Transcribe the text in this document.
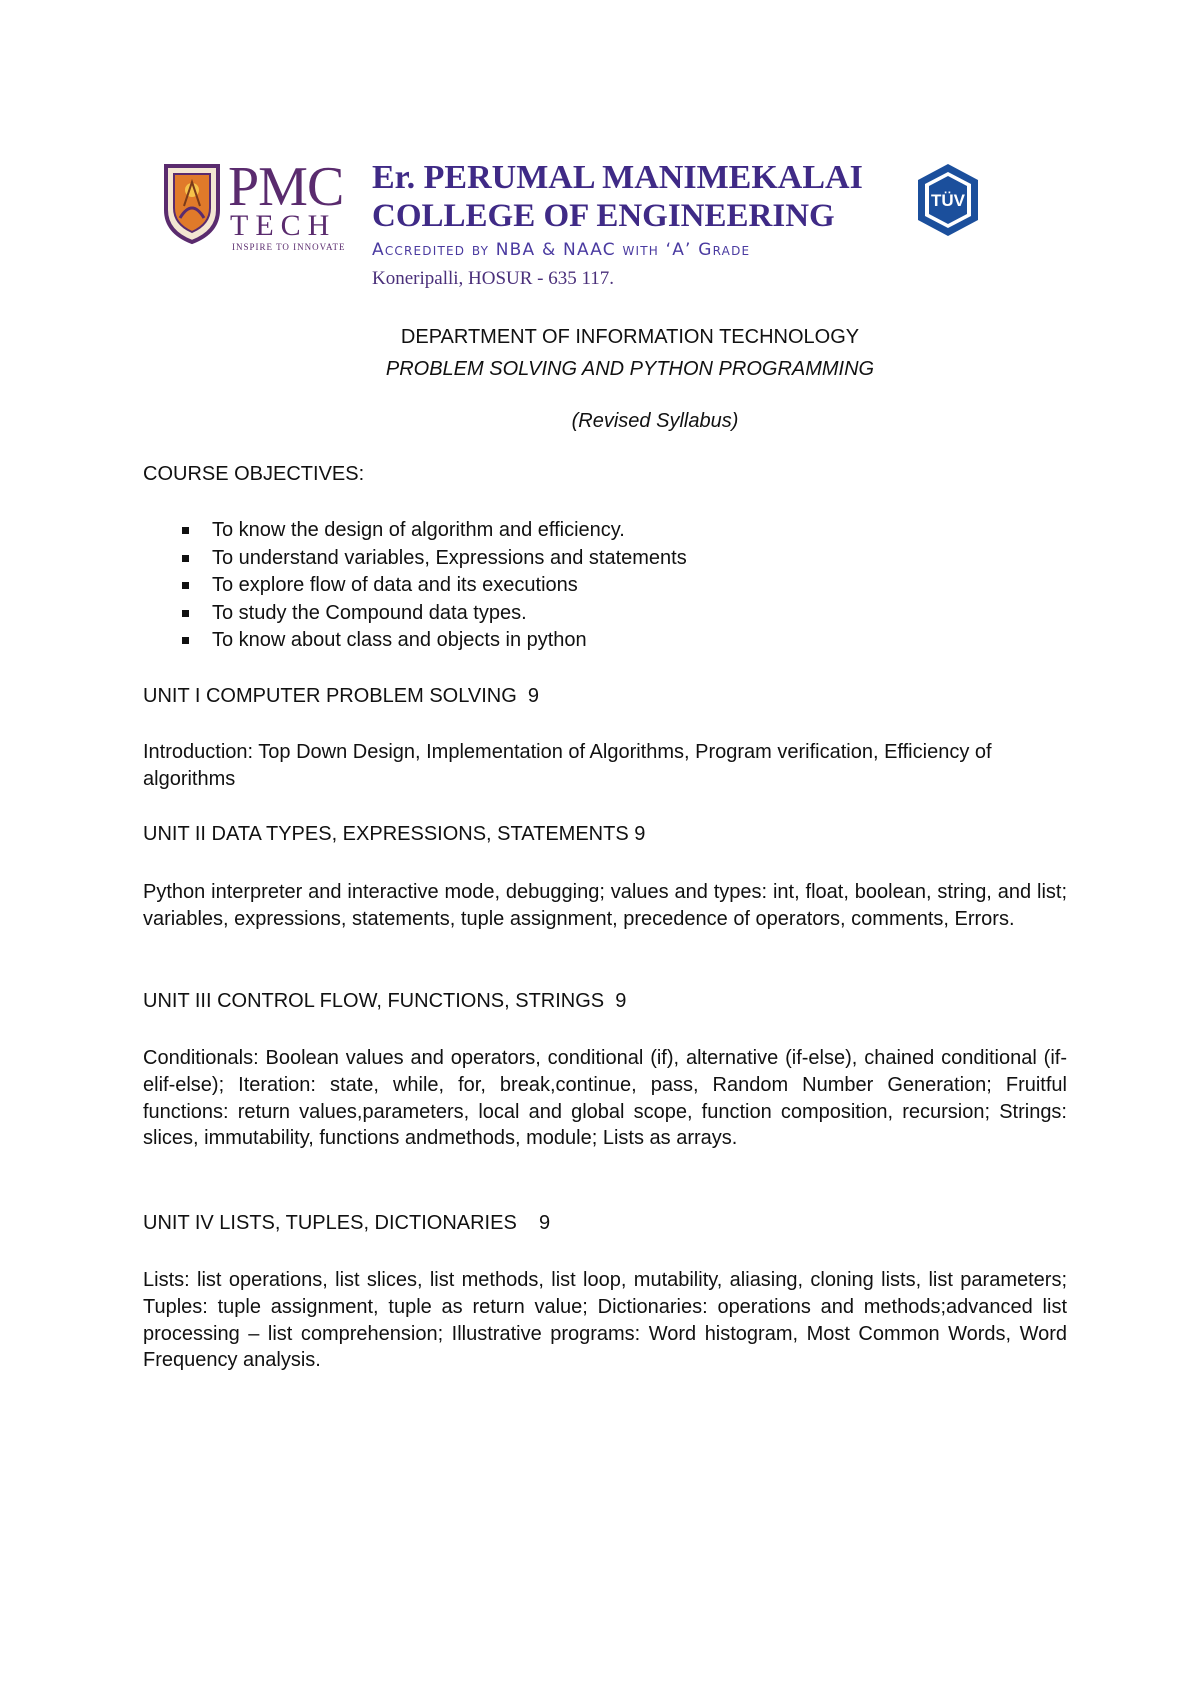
PMC
TECH
INSPIRE TO INNOVATE
Er. PERUMAL MANIMEKALAI
COLLEGE OF ENGINEERING
Accredited by NBA & NAAC with ‘A’ Grade
Koneripalli, HOSUR - 635 117.
TÜV
DEPARTMENT OF INFORMATION TECHNOLOGY
PROBLEM SOLVING AND PYTHON PROGRAMMING
(Revised Syllabus)
COURSE OBJECTIVES:
To know the design of algorithm and efficiency.
To understand variables, Expressions and statements
To explore flow of data and its executions
To study the Compound data types.
To know about class and objects in python
UNIT I COMPUTER PROBLEM SOLVING  9
Introduction: Top Down Design, Implementation of Algorithms, Program verification, Efficiency of algorithms
UNIT II DATA TYPES, EXPRESSIONS, STATEMENTS 9
Python interpreter and interactive mode, debugging; values and types: int, float, boolean, string, and list; variables, expressions, statements, tuple assignment, precedence of operators, comments, Errors.
UNIT III CONTROL FLOW, FUNCTIONS, STRINGS  9
Conditionals: Boolean values and operators, conditional (if), alternative (if-else), chained conditional (if-elif-else); Iteration: state, while, for, break,continue, pass, Random Number Generation; Fruitful functions: return values,parameters, local and global scope, function composition, recursion; Strings: slices, immutability, functions andmethods, module; Lists as arrays.
UNIT IV LISTS, TUPLES, DICTIONARIES    9
Lists: list operations, list slices, list methods, list loop, mutability, aliasing, cloning lists, list parameters; Tuples: tuple assignment, tuple as return value; Dictionaries: operations and methods;advanced list processing – list comprehension; Illustrative programs: Word histogram, Most Common Words, Word Frequency analysis.
